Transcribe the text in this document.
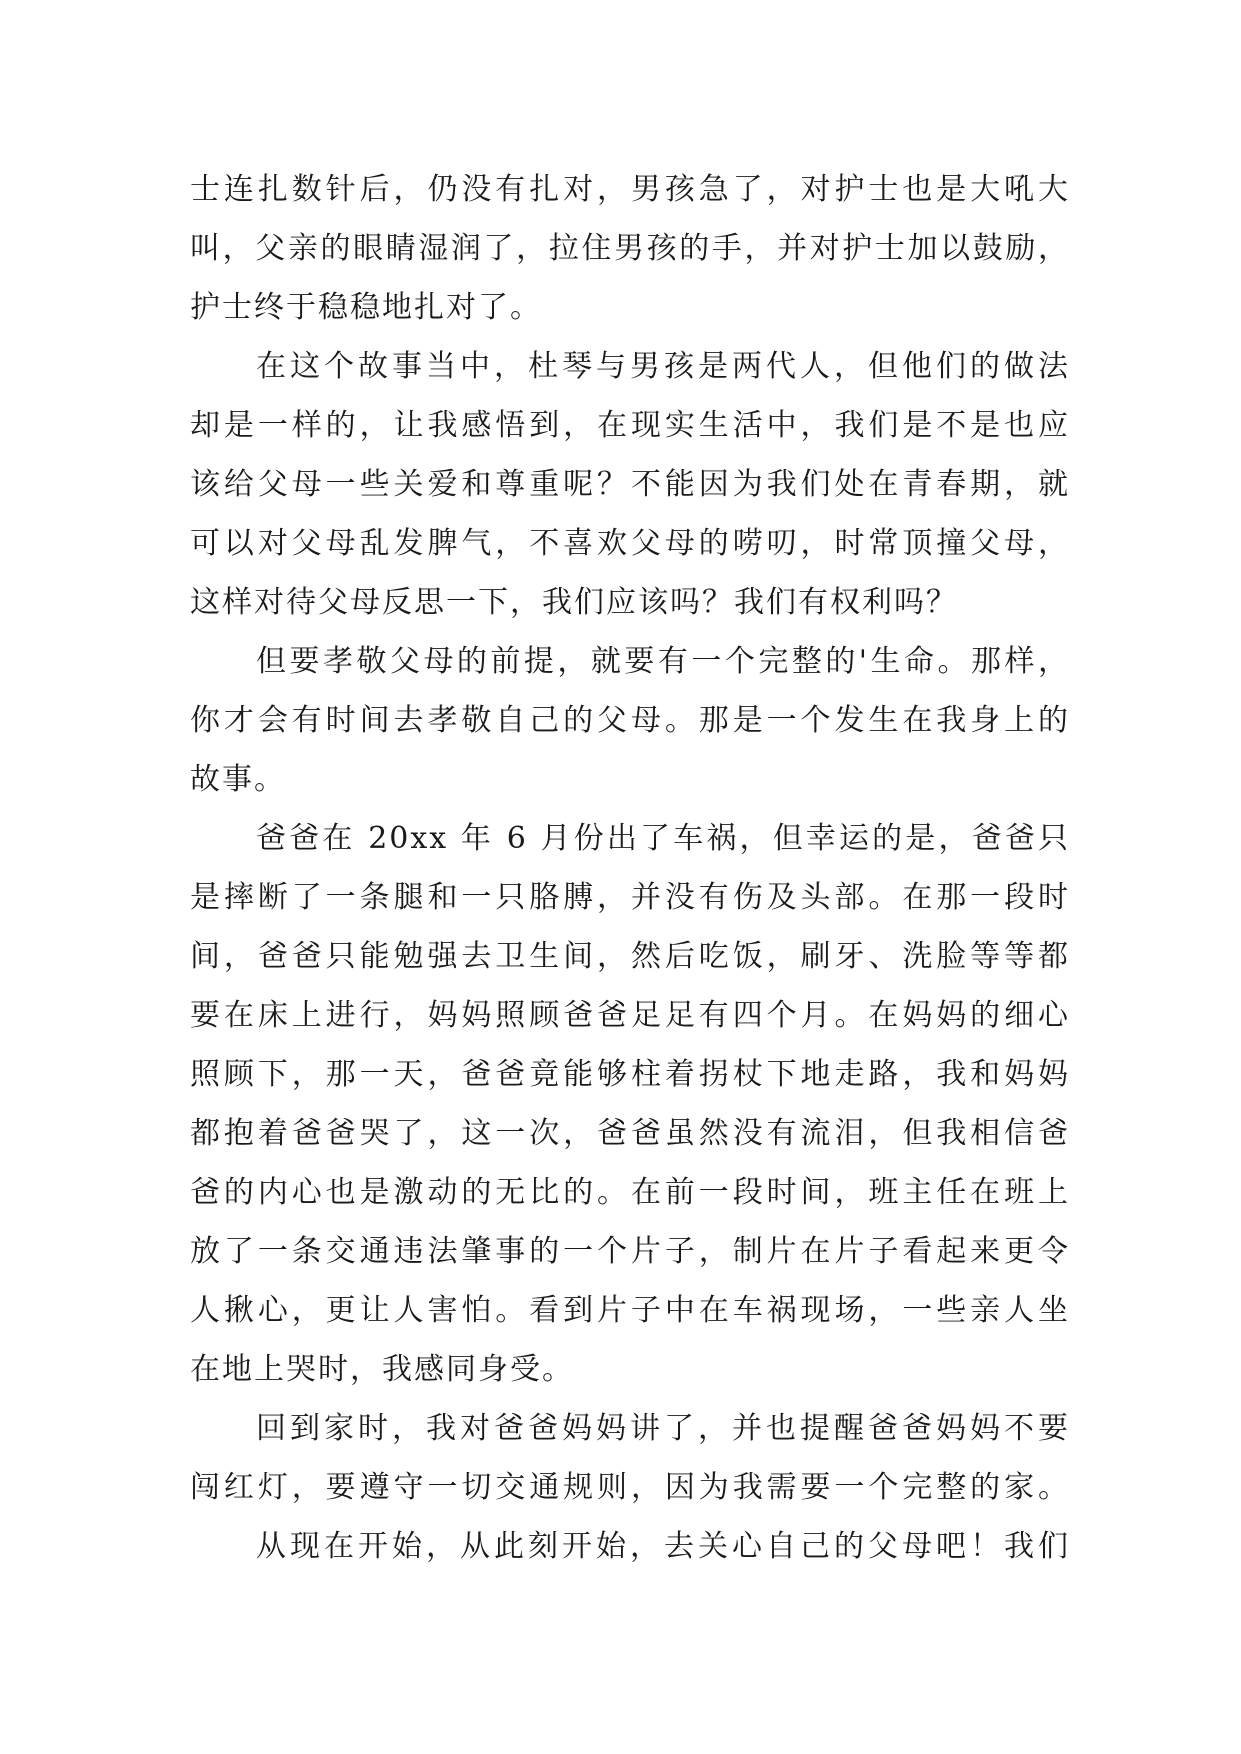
士连扎数针后，仍没有扎对，男孩急了，对护士也是大吼大
叫，父亲的眼睛湿润了，拉住男孩的手，并对护士加以鼓励，
护士终于稳稳地扎对了。
在这个故事当中，杜琴与男孩是两代人，但他们的做法
却是一样的，让我感悟到，在现实生活中，我们是不是也应
该给父母一些关爱和尊重呢？不能因为我们处在青春期，就
可以对父母乱发脾气，不喜欢父母的唠叨，时常顶撞父母，
这样对待父母反思一下，我们应该吗？我们有权利吗？
但要孝敬父母的前提，就要有一个完整的'生命。那样，
你才会有时间去孝敬自己的父母。那是一个发生在我身上的
故事。
爸爸在 20xx 年 6 月份出了车祸，但幸运的是，爸爸只
是摔断了一条腿和一只胳膊，并没有伤及头部。在那一段时
间，爸爸只能勉强去卫生间，然后吃饭，刷牙、洗脸等等都
要在床上进行，妈妈照顾爸爸足足有四个月。在妈妈的细心
照顾下，那一天，爸爸竟能够柱着拐杖下地走路，我和妈妈
都抱着爸爸哭了，这一次，爸爸虽然没有流泪，但我相信爸
爸的内心也是激动的无比的。在前一段时间，班主任在班上
放了一条交通违法肇事的一个片子，制片在片子看起来更令
人揪心，更让人害怕。看到片子中在车祸现场，一些亲人坐
在地上哭时，我感同身受。
回到家时，我对爸爸妈妈讲了，并也提醒爸爸妈妈不要
闯红灯，要遵守一切交通规则，因为我需要一个完整的家。
从现在开始，从此刻开始，去关心自己的父母吧！我们
